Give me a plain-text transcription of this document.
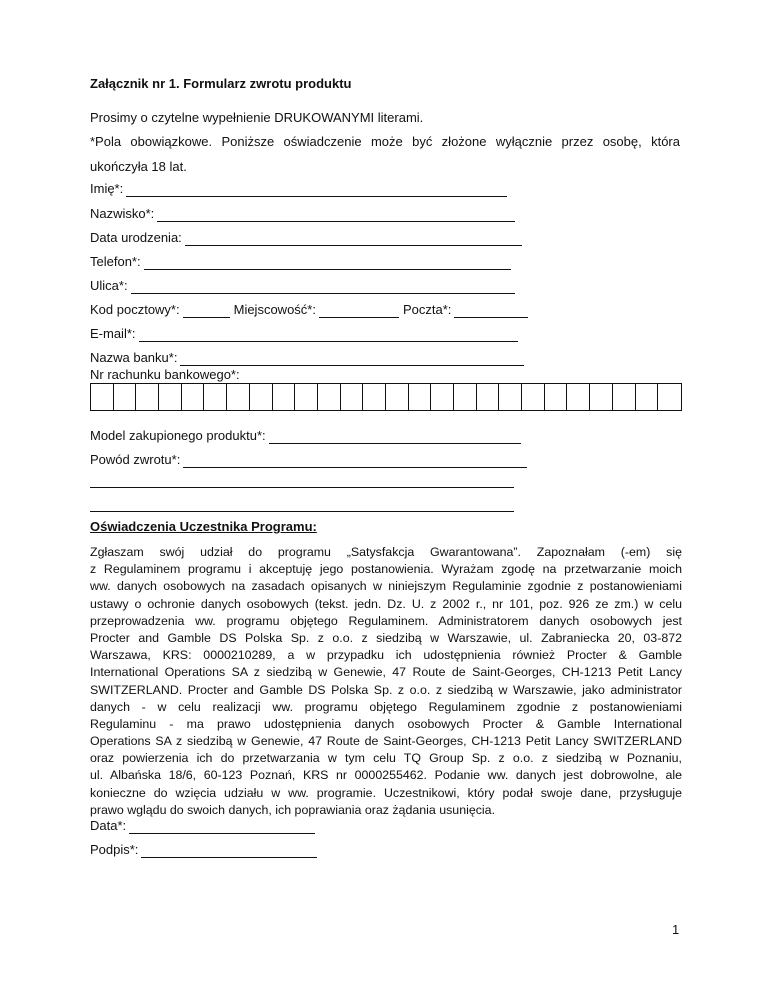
Załącznik nr 1. Formularz zwrotu produktu
Prosimy o czytelne wypełnienie DRUKOWANYMI literami.
*Pola obowiązkowe. Poniższe oświadczenie może być złożone wyłącznie przez osobę, która
ukończyła 18 lat.
Imię*:
Nazwisko*:
Data urodzenia:
Telefon*:
Ulica*:
Kod pocztowy*:	Miejscowość*:	Poczta*:
E-mail*:
Nazwa banku*:
Nr rachunku bankowego*:
Model zakupionego produktu*:
Powód zwrotu*:
Oświadczenia Uczestnika Programu:
Zgłaszam swój udział do programu „Satysfakcja Gwarantowana”. Zapoznałam (-em) się
z Regulaminem programu i akceptuję jego postanowienia. Wyrażam zgodę na przetwarzanie moich
ww. danych osobowych na zasadach opisanych w niniejszym Regulaminie zgodnie z postanowieniami
ustawy o ochronie danych osobowych (tekst. jedn. Dz. U. z 2002 r., nr 101, poz. 926 ze zm.) w celu
przeprowadzenia ww. programu objętego Regulaminem. Administratorem danych osobowych jest
Procter and Gamble DS Polska Sp. z o.o. z siedzibą w Warszawie, ul. Zabraniecka 20, 03-872
Warszawa, KRS: 0000210289, a w przypadku ich udostępnienia również Procter & Gamble
International Operations SA z siedzibą w Genewie, 47 Route de Saint-Georges, CH-1213 Petit Lancy
SWITZERLAND. Procter and Gamble DS Polska Sp. z o.o. z siedzibą w Warszawie, jako administrator
danych - w celu realizacji ww. programu objętego Regulaminem zgodnie z postanowieniami
Regulaminu - ma prawo udostępnienia danych osobowych Procter & Gamble International
Operations SA z siedzibą w Genewie, 47 Route de Saint-Georges, CH-1213 Petit Lancy SWITZERLAND
oraz powierzenia ich do przetwarzania w tym celu TQ Group Sp. z o.o. z siedzibą w Poznaniu,
ul. Albańska 18/6, 60-123 Poznań, KRS nr 0000255462. Podanie ww. danych jest dobrowolne, ale
konieczne do wzięcia udziału w ww. programie. Uczestnikowi, który podał swoje dane, przysługuje
prawo wglądu do swoich danych, ich poprawiania oraz żądania usunięcia.
Data*:
Podpis*:
1
